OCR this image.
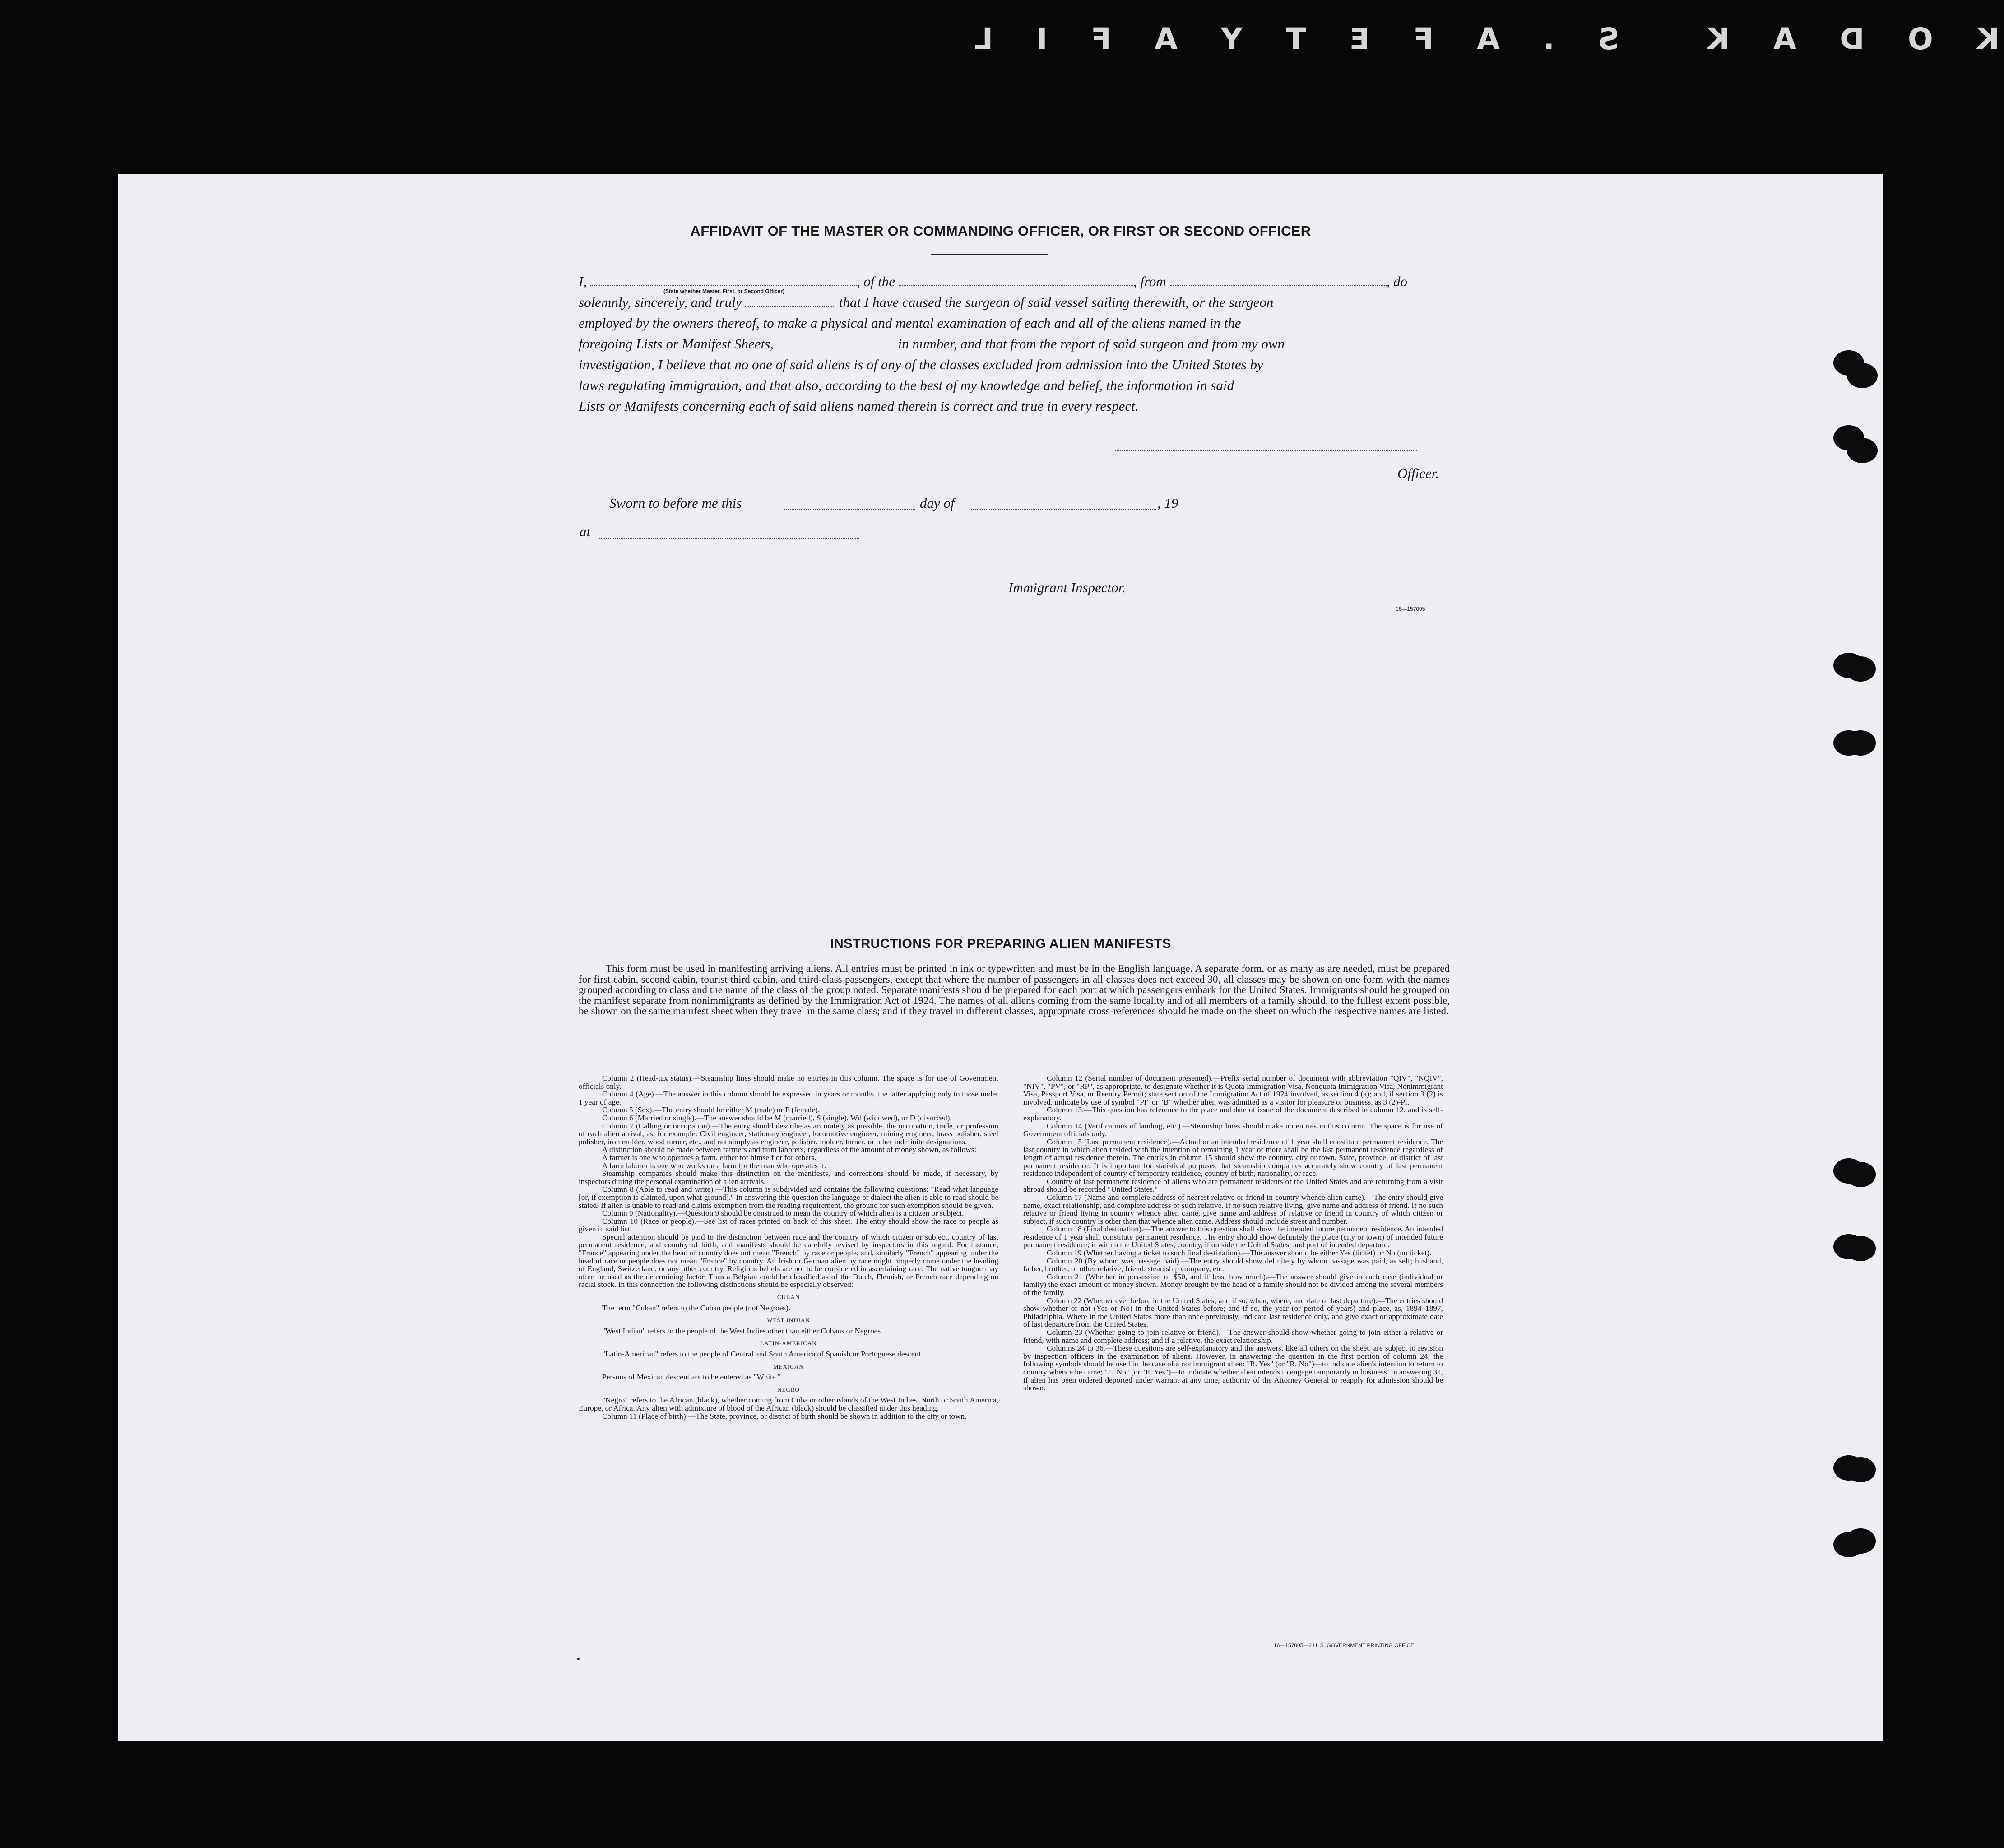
KODAKS.AFETYAFIL
AFFIDAVIT OF THE MASTER OR COMMANDING OFFICER, OR FIRST OR SECOND OFFICER
I,	, of the	, from	, do
(State whether Master, First, or Second Officer)
solemnly, sincerely, and truly	that I have caused the surgeon of said vessel sailing therewith, or the surgeon
employed by the owners thereof, to make a physical and mental examination of each and all of the aliens named in the
foregoing Lists or Manifest Sheets,	in number, and that from the report of said surgeon and from my own
investigation, I believe that no one of said aliens is of any of the classes excluded from admission into the United States by
laws regulating immigration, and that also, according to the best of my knowledge and belief, the information in said
Lists or Manifests concerning each of said aliens named therein is correct and true in every respect.
Officer.
Sworn to before me this	day of	, 19
at
Immigrant Inspector.
16—157005
INSTRUCTIONS FOR PREPARING ALIEN MANIFESTS
This form must be used in manifesting arriving aliens. All entries must be printed in ink or typewritten and must be in the English language. A separate form, or as many as are needed, must be prepared for first cabin, second cabin, tourist third cabin, and third-class passengers, except that where the number of passengers in all classes does not exceed 30, all classes may be shown on one form with the names grouped according to class and the name of the class of the group noted. Separate manifests should be prepared for each port at which passengers embark for the United States. Immigrants should be grouped on the manifest separate from nonimmigrants as defined by the Immigration Act of 1924. The names of all aliens coming from the same locality and of all members of a family should, to the fullest extent possible, be shown on the same manifest sheet when they travel in the same class; and if they travel in different classes, appropriate cross-references should be made on the sheet on which the respective names are listed.

Column 2 (Head-tax status).—Steamship lines should make no entries in this column. The space is for use of Government officials only.

Column 4 (Age).—The answer in this column should be expressed in years or months, the latter applying only to those under 1 year of age.

Column 5 (Sex).—The entry should be either M (male) or F (female).

Column 6 (Married or single).—The answer should be M (married), S (single), Wd (widowed), or D (divorced).

Column 7 (Calling or occupation).—The entry should describe as accurately as possible, the occupation, trade, or profession of each alien arrival, as, for example: Civil engineer, stationary engineer, locomotive engineer, mining engineer, brass polisher, steel polisher, iron molder, wood turner, etc., and not simply as engineer, polisher, molder, turner, or other indefinite designations.

A distinction should be made between farmers and farm laborers, regardless of the amount of money shown, as follows:

A farmer is one who operates a farm, either for himself or for others.

A farm laborer is one who works on a farm for the man who operates it.

Steamship companies should make this distinction on the manifests, and corrections should be made, if necessary, by inspectors during the personal examination of alien arrivals.

Column 8 (Able to read and write).—This column is subdivided and contains the following questions: "Read what language [or, if exemption is claimed, upon what ground]." In answering this question the language or dialect the alien is able to read should be stated. If alien is unable to read and claims exemption from the reading requirement, the ground for such exemption should be given.

Column 9 (Nationality).—Question 9 should be construed to mean the country of which alien is a citizen or subject.

Column 10 (Race or people).—See list of races printed on back of this sheet. The entry should show the race or people as given in said list.

Special attention should be paid to the distinction between race and the country of which citizen or subject, country of last permanent residence, and country of birth, and manifests should be carefully revised by inspectors in this regard. For instance, "France" appearing under the head of country does not mean "French" by race or people, and, similarly "French" appearing under the head of race or people does not mean "France" by country. An Irish or German alien by race might properly come under the heading of England, Switzerland, or any other country. Religious beliefs are not to be considered in ascertaining race. The native tongue may often be used as the determining factor. Thus a Belgian could be classified as of the Dutch, Flemish, or French race depending on racial stock. In this connection the following distinctions should be especially observed:

CUBAN

The term "Cuban" refers to the Cuban people (not Negroes).

WEST INDIAN

"West Indian" refers to the people of the West Indies other than either Cubans or Negroes.

LATIN-AMERICAN

"Latin-American" refers to the people of Central and South America of Spanish or Portuguese descent.

MEXICAN

Persons of Mexican descent are to be entered as "White."

NEGRO

"Negro" refers to the African (black), whether coming from Cuba or other islands of the West Indies, North or South America, Europe, or Africa. Any alien with admixture of blood of the African (black) should be classified under this heading.

Column 11 (Place of birth).—The State, province, or district of birth should be shown in addition to the city or town.

Column 12 (Serial number of document presented).—Prefix serial number of document with abbreviation "QIV", "NQIV", "NIV", "PV", or "RP", as appropriate, to designate whether it is Quota Immigration Visa, Nonquota Immigration Visa, Nonimmigrant Visa, Passport Visa, or Reentry Permit; state section of the Immigration Act of 1924 involved, as section 4 (a); and, if section 3 (2) is involved, indicate by use of symbol "PI" or "B" whether alien was admitted as a visitor for pleasure or business, as 3 (2)-Pl.

Column 13.—This question has reference to the place and date of issue of the document described in column 12, and is self-explanatory.

Column 14 (Verifications of landing, etc.).—Steamship lines should make no entries in this column. The space is for use of Government officials only.

Column 15 (Last permanent residence).—Actual or an intended residence of 1 year shall constitute permanent residence. The last country in which alien resided with the intention of remaining 1 year or more shall be the last permanent residence regardless of length of actual residence therein. The entries in column 15 should show the country, city or town, State, province, or district of last permanent residence. It is important for statistical purposes that steamship companies accurately show country of last permanent residence independent of country of temporary residence, country of birth, nationality, or race.

Country of last permanent residence of aliens who are permanent residents of the United States and are returning from a visit abroad should be recorded "United States."

Column 17 (Name and complete address of nearest relative or friend in country whence alien came).—The entry should give name, exact relationship, and complete address of such relative. If no such relative living, give name and address of friend. If no such relative or friend living in country whence alien came, give name and address of relative or friend in country of which citizen or subject, if such country is other than that whence alien came. Address should include street and number.

Column 18 (Final destination).—The answer to this question shall show the intended future permanent residence. An intended residence of 1 year shall constitute permanent residence. The entry should show definitely the place (city or town) of intended future permanent residence, if within the United States; country, if outside the United States, and port of intended departure.

Column 19 (Whether having a ticket to such final destination).—The answer should be either Yes (ticket) or No (no ticket).

Column 20 (By whom was passage paid).—The entry should show definitely by whom passage was paid, as self; husband, father, brother, or other relative; friend; steamship company, etc.

Column 21 (Whether in possession of $50, and if less, how much).—The answer should give in each case (individual or family) the exact amount of money shown. Money brought by the head of a family should not be divided among the several members of the family.

Column 22 (Whether ever before in the United States; and if so, when, where, and date of last departure).—The entries should show whether or not (Yes or No) in the United States before; and if so, the year (or period of years) and place, as, 1894–1897, Philadelphia. Where in the United States more than once previously, indicate last residence only, and give exact or approximate date of last departure from the United States.

Column 23 (Whether going to join relative or friend).—The answer should show whether going to join either a relative or friend, with name and complete address; and if a relative, the exact relationship.

Columns 24 to 36.—These questions are self-explanatory and the answers, like all others on the sheet, are subject to revision by inspection officers in the examination of aliens. However, in answering the question in the first portion of column 24, the following symbols should be used in the case of a nonimmigrant alien: "R. Yes" (or "R. No")—to indicate alien's intention to return to country whence he came; "E. No" (or "E. Yes")—to indicate whether alien intends to engage temporarily in business. In answering 31, if alien has been ordered deported under warrant at any time, authority of the Attorney General to reapply for admission should be shown.

16—157005—2 U. S. GOVERNMENT PRINTING OFFICE
